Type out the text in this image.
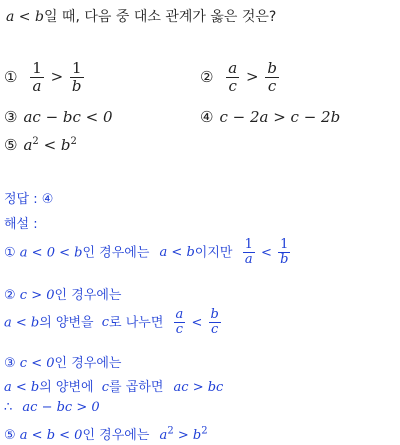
a < b일 때, 다음 중 대소 관계가 옳은 것은?
① $\frac{1}{a} > \frac{1}{b}$	② $\frac{a}{c} > \frac{b}{c}$
③ ac − bc < 0	④ c − 2a > c − 2b
⑤ $a^2 < b^2$
정답 : ④
해설 :
① a < 0 < b인 경우에는 a < b이지만 $\frac{1}{a} < \frac{1}{b}$
② c > 0인 경우에는
a < b의 양변을 c로 나누면 $\frac{a}{c} < \frac{b}{c}$
③ c < 0인 경우에는
a < b의 양변에 c를 곱하면 ac > bc
∴ ac − bc > 0
⑤ a < b < 0인 경우에는 $a^2 > b^2$
